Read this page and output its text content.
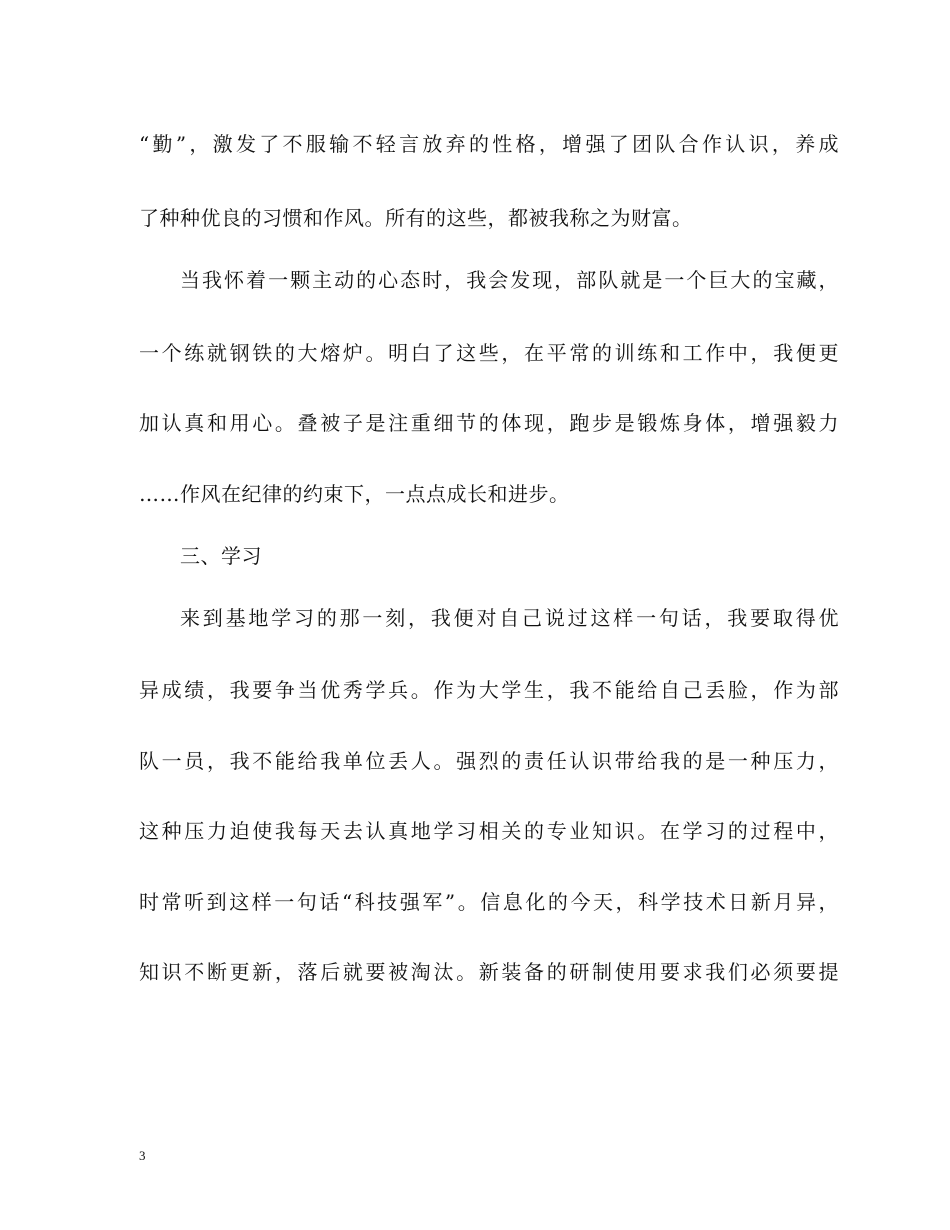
“勤”，激发了不服输不轻言放弃的性格，增强了团队合作认识，养成
了种种优良的习惯和作风。所有的这些，都被我称之为财富。
当我怀着一颗主动的心态时，我会发现，部队就是一个巨大的宝藏，
一个练就钢铁的大熔炉。明白了这些，在平常的训练和工作中，我便更
加认真和用心。叠被子是注重细节的体现，跑步是锻炼身体，增强毅力
……作风在纪律的约束下，一点点成长和进步。
三、学习
来到基地学习的那一刻，我便对自己说过这样一句话，我要取得优
异成绩，我要争当优秀学兵。作为大学生，我不能给自己丢脸，作为部
队一员，我不能给我单位丢人。强烈的责任认识带给我的是一种压力，
这种压力迫使我每天去认真地学习相关的专业知识。在学习的过程中，
时常听到这样一句话“科技强军”。信息化的今天，科学技术日新月异，
知识不断更新，落后就要被淘汰。新装备的研制使用要求我们必须要提
3
